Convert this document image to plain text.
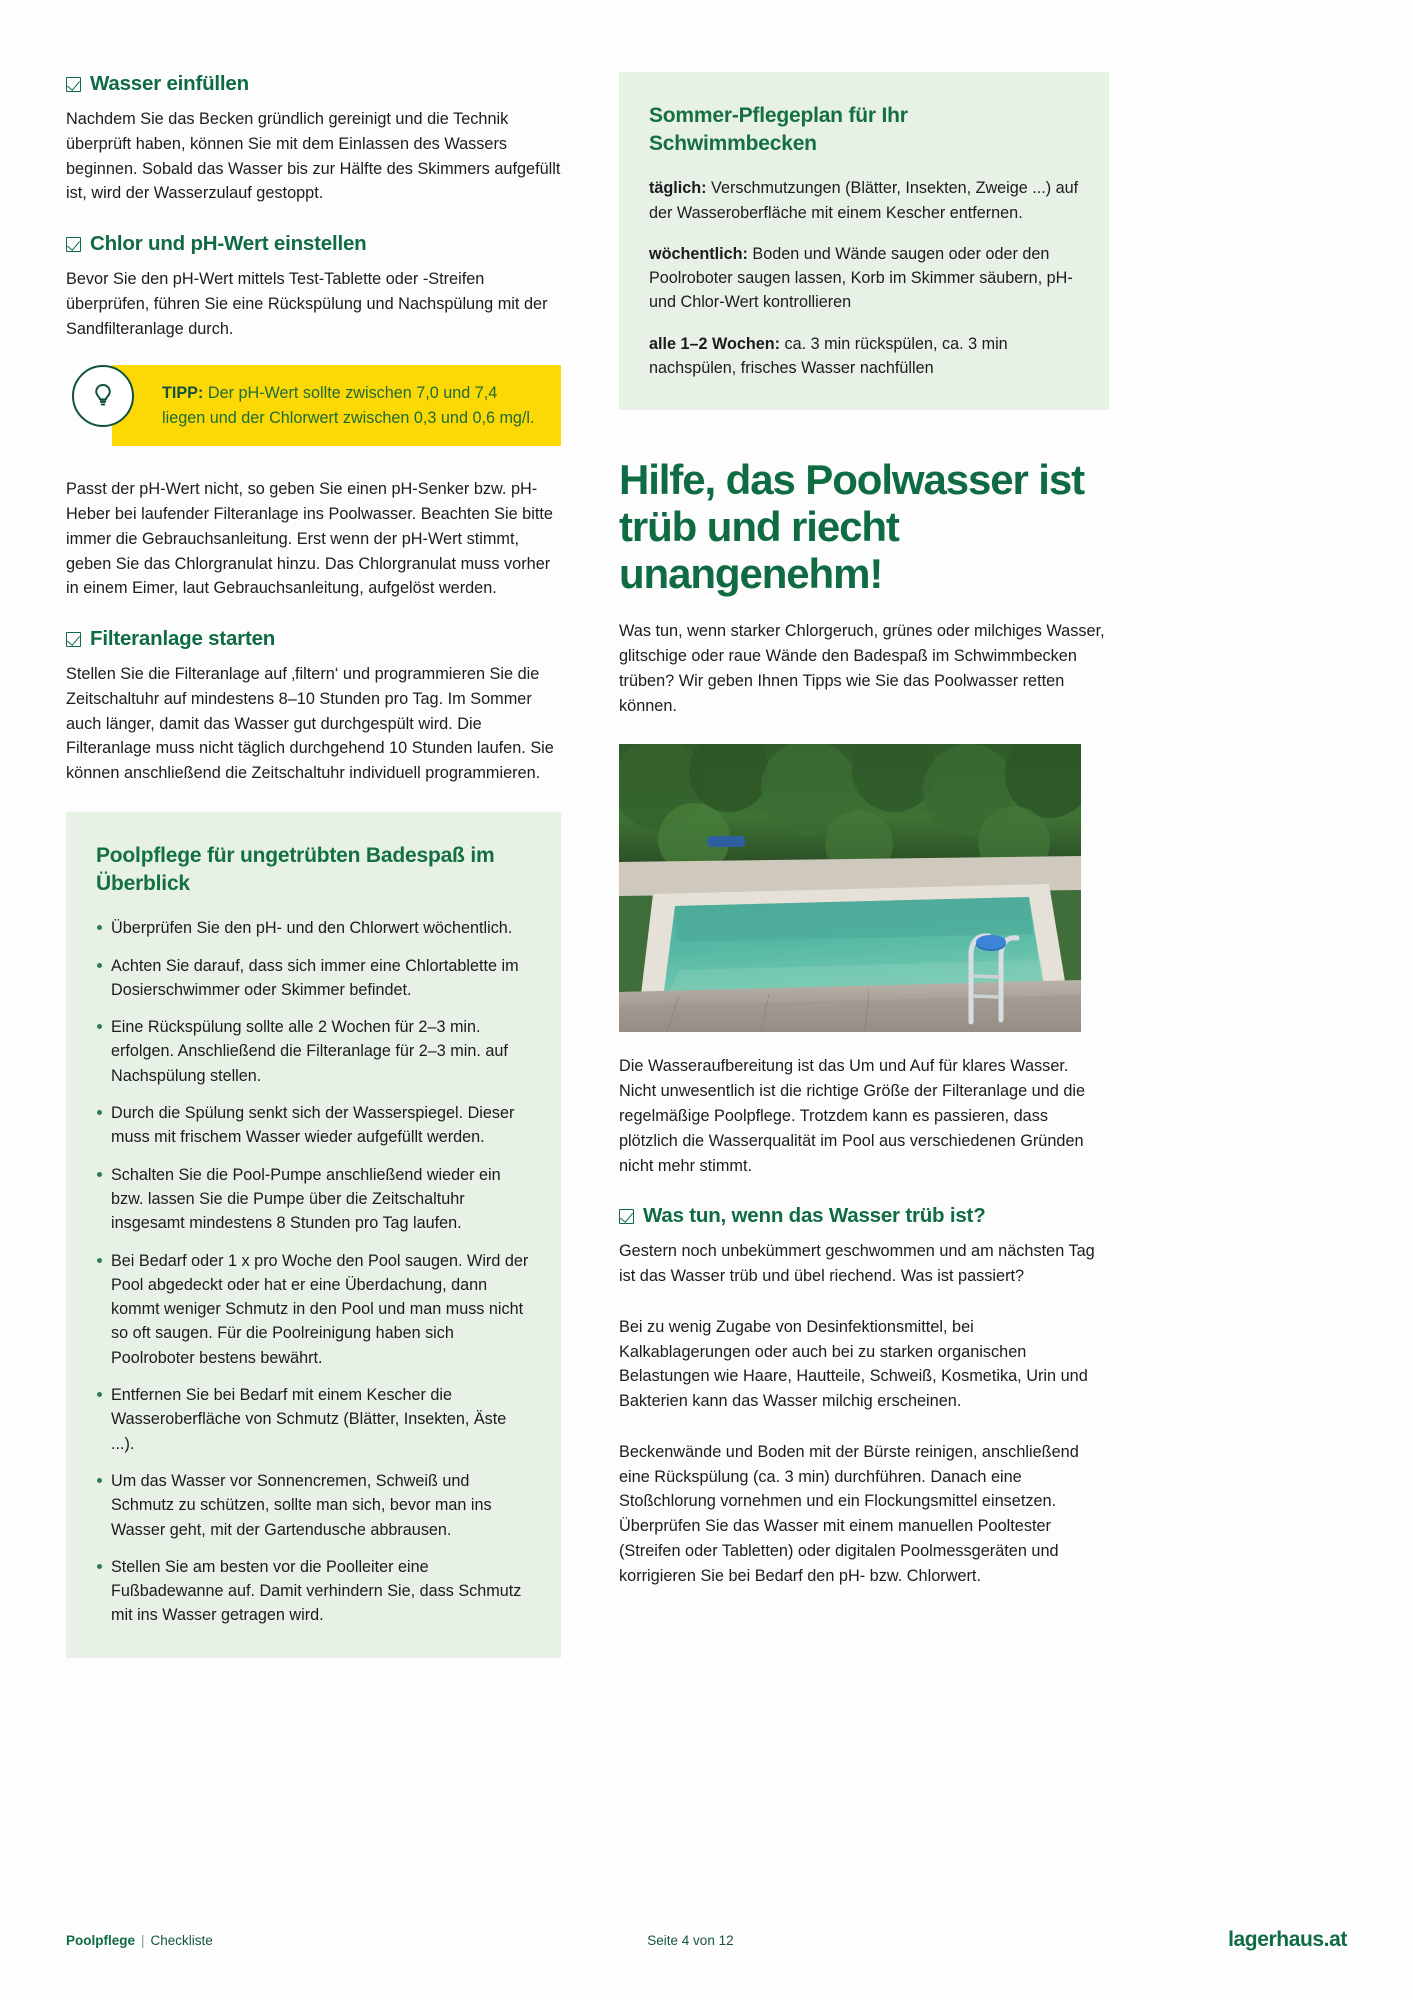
Wasser einfüllen

Nachdem Sie das Becken gründlich gereinigt und die Technik überprüft haben, können Sie mit dem Einlassen des Wassers beginnen. Sobald das Wasser bis zur Hälfte des Skimmers aufgefüllt ist, wird der Wasserzulauf gestoppt.

Chlor und pH-Wert einstellen

Bevor Sie den pH-Wert mittels Test-Tablette oder -Streifen überprüfen, führen Sie eine Rückspülung und Nachspülung mit der Sandfilteranlage durch.

TIPP: Der pH-Wert sollte zwischen 7,0 und 7,4 liegen und der Chlorwert zwischen 0,3 und 0,6 mg/l.

Passt der pH-Wert nicht, so geben Sie einen pH-Senker bzw. pH-Heber bei laufender Filteranlage ins Poolwasser. Beachten Sie bitte immer die Gebrauchsanleitung. Erst wenn der pH-Wert stimmt, geben Sie das Chlorgranulat hinzu. Das Chlorgranulat muss vorher in einem Eimer, laut Gebrauchsanleitung, aufgelöst werden.

Filteranlage starten

Stellen Sie die Filteranlage auf ‚filtern‘ und programmieren Sie die Zeitschaltuhr auf mindestens 8–10 Stunden pro Tag. Im Sommer auch länger, damit das Wasser gut durchgespült wird. Die Filteranlage muss nicht täglich durchgehend 10 Stunden laufen. Sie können anschließend die Zeitschaltuhr individuell programmieren.

Poolpflege für ungetrübten Badespaß im Überblick
Überprüfen Sie den pH- und den Chlorwert wöchentlich.
Achten Sie darauf, dass sich immer eine Chlortablette im Dosierschwimmer oder Skimmer befindet.
Eine Rückspülung sollte alle 2 Wochen für 2–3 min. erfolgen. Anschließend die Filteranlage für 2–3 min. auf Nachspülung stellen.
Durch die Spülung senkt sich der Wasserspiegel. Dieser muss mit frischem Wasser wieder aufgefüllt werden.
Schalten Sie die Pool-Pumpe anschließend wieder ein bzw. lassen Sie die Pumpe über die Zeitschaltuhr insgesamt mindestens 8 Stunden pro Tag laufen.
Bei Bedarf oder 1 x pro Woche den Pool saugen. Wird der Pool abgedeckt oder hat er eine Überdachung, dann kommt weniger Schmutz in den Pool und man muss nicht so oft saugen. Für die Poolreinigung haben sich Poolroboter bestens bewährt.
Entfernen Sie bei Bedarf mit einem Kescher die Wasseroberfläche von Schmutz (Blätter, Insekten, Äste ...).
Um das Wasser vor Sonnencremen, Schweiß und Schmutz zu schützen, sollte man sich, bevor man ins Wasser geht, mit der Gartendusche abbrausen.
Stellen Sie am besten vor die Poolleiter eine Fußbadewanne auf. Damit verhindern Sie, dass Schmutz mit ins Wasser getragen wird.
Sommer-Pflegeplan für Ihr Schwimmbecken

täglich: Verschmutzungen (Blätter, Insekten, Zweige ...) auf der Wasseroberfläche mit einem Kescher entfernen.

wöchentlich: Boden und Wände saugen oder oder den Poolroboter saugen lassen, Korb im Skimmer säubern, pH- und Chlor-Wert kontrollieren

alle 1–2 Wochen: ca. 3 min rückspülen, ca. 3 min nachspülen, frisches Wasser nachfüllen

Hilfe, das Poolwasser ist trüb und riecht unangenehm!

Was tun, wenn starker Chlorgeruch, grünes oder milchiges Wasser, glitschige oder raue Wände den Badespaß im Schwimmbecken trüben? Wir geben Ihnen Tipps wie Sie das Poolwasser retten können.	© georgeclerk via Getty Image

Die Wasseraufbereitung ist das Um und Auf für klares Wasser. Nicht unwesentlich ist die richtige Größe der Filteranlage und die regelmäßige Poolpflege. Trotzdem kann es passieren, dass plötzlich die Wasserqualität im Pool aus verschiedenen Gründen nicht mehr stimmt.

Was tun, wenn das Wasser trüb ist?

Gestern noch unbekümmert geschwommen und am nächsten Tag ist das Wasser trüb und übel riechend. Was ist passiert?

Bei zu wenig Zugabe von Desinfektionsmittel, bei Kalkablagerungen oder auch bei zu starken organischen Belastungen wie Haare, Hautteile, Schweiß, Kosmetika, Urin und Bakterien kann das Wasser milchig erscheinen.

Beckenwände und Boden mit der Bürste reinigen, anschließend eine Rückspülung (ca. 3 min) durchführen. Danach eine Stoßchlorung vornehmen und ein Flockungsmittel einsetzen. Überprüfen Sie das Wasser mit einem manuellen Pooltester (Streifen oder Tabletten) oder digitalen Poolmessgeräten und korrigieren Sie bei Bedarf den pH- bzw. Chlorwert.

Poolpflege | Checkliste	Seite 4 von 12	lagerhaus.at
